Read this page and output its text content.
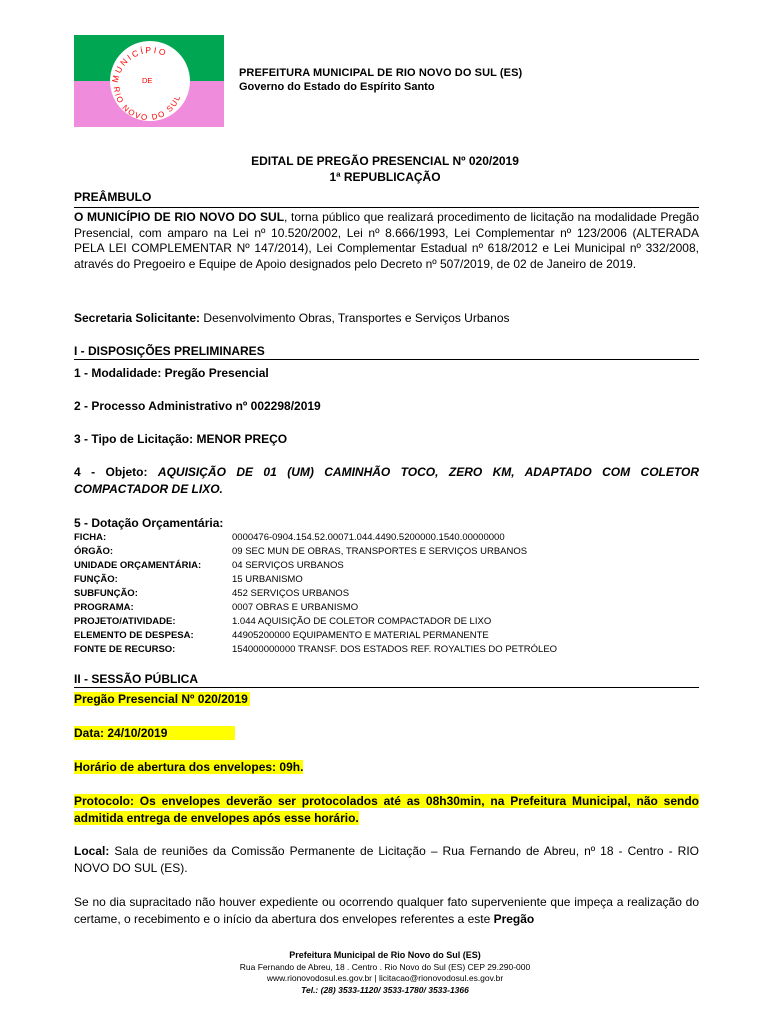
MUNICÍPIO
RIO NOVO DO SUL
DE
PREFEITURA MUNICIPAL DE RIO NOVO DO SUL (ES)
Governo do Estado do Espírito Santo
EDITAL DE PREGÃO PRESENCIAL Nº 020/2019
1ª REPUBLICAÇÃO
PREÂMBULO
O MUNICÍPIO DE RIO NOVO DO SUL, torna público que realizará procedimento de licitação na modalidade Pregão Presencial, com amparo na Lei nº 10.520/2002, Lei nº 8.666/1993, Lei Complementar nº 123/2006 (ALTERADA PELA LEI COMPLEMENTAR Nº 147/2014), Lei Complementar Estadual nº 618/2012 e Lei Municipal nº 332/2008, através do Pregoeiro e Equipe de Apoio designados pelo Decreto nº 507/2019, de 02 de Janeiro de 2019.
Secretaria Solicitante: Desenvolvimento Obras, Transportes e Serviços Urbanos
I - DISPOSIÇÕES PRELIMINARES
1 - Modalidade: Pregão Presencial
2 - Processo Administrativo nº 002298/2019
3 - Tipo de Licitação: MENOR PREÇO
4 - Objeto: AQUISIÇÃO DE 01 (UM) CAMINHÃO TOCO, ZERO KM, ADAPTADO COM COLETOR COMPACTADOR DE LIXO.
5 - Dotação Orçamentária:
FICHA:	0000476-0904.154.52.00071.044.4490.5200000.1540.00000000
ÓRGÃO:	09 SEC MUN DE OBRAS, TRANSPORTES E SERVIÇOS URBANOS
UNIDADE ORÇAMENTÁRIA:	04 SERVIÇOS URBANOS
FUNÇÃO:	15 URBANISMO
SUBFUNÇÃO:	452 SERVIÇOS URBANOS
PROGRAMA:	0007 OBRAS E URBANISMO
PROJETO/ATIVIDADE:	1.044 AQUISIÇÃO DE COLETOR COMPACTADOR DE LIXO
ELEMENTO DE DESPESA:	44905200000 EQUIPAMENTO E MATERIAL PERMANENTE
FONTE DE RECURSO:	154000000000 TRANSF. DOS ESTADOS REF. ROYALTIES DO PETRÓLEO
II - SESSÃO PÚBLICA
Pregão Presencial Nº 020/2019
Data: 24/10/2019
Horário de abertura dos envelopes: 09h.
Protocolo: Os envelopes deverão ser protocolados até as 08h30min, na Prefeitura Municipal, não sendo admitida entrega de envelopes após esse horário.
Local: Sala de reuniões da Comissão Permanente de Licitação – Rua Fernando de Abreu, nº 18 - Centro - RIO NOVO DO SUL (ES).
Se no dia supracitado não houver expediente ou ocorrendo qualquer fato superveniente que impeça a realização do certame, o recebimento e o início da abertura dos envelopes referentes a este Pregão
Prefeitura Municipal de Rio Novo do Sul (ES)
Rua Fernando de Abreu, 18 . Centro . Rio Novo do Sul (ES) CEP 29.290-000
www.rionovodosul.es.gov.br | licitacao@rionovodosul.es.gov.br
Tel.: (28) 3533-1120/ 3533-1780/ 3533-1366
